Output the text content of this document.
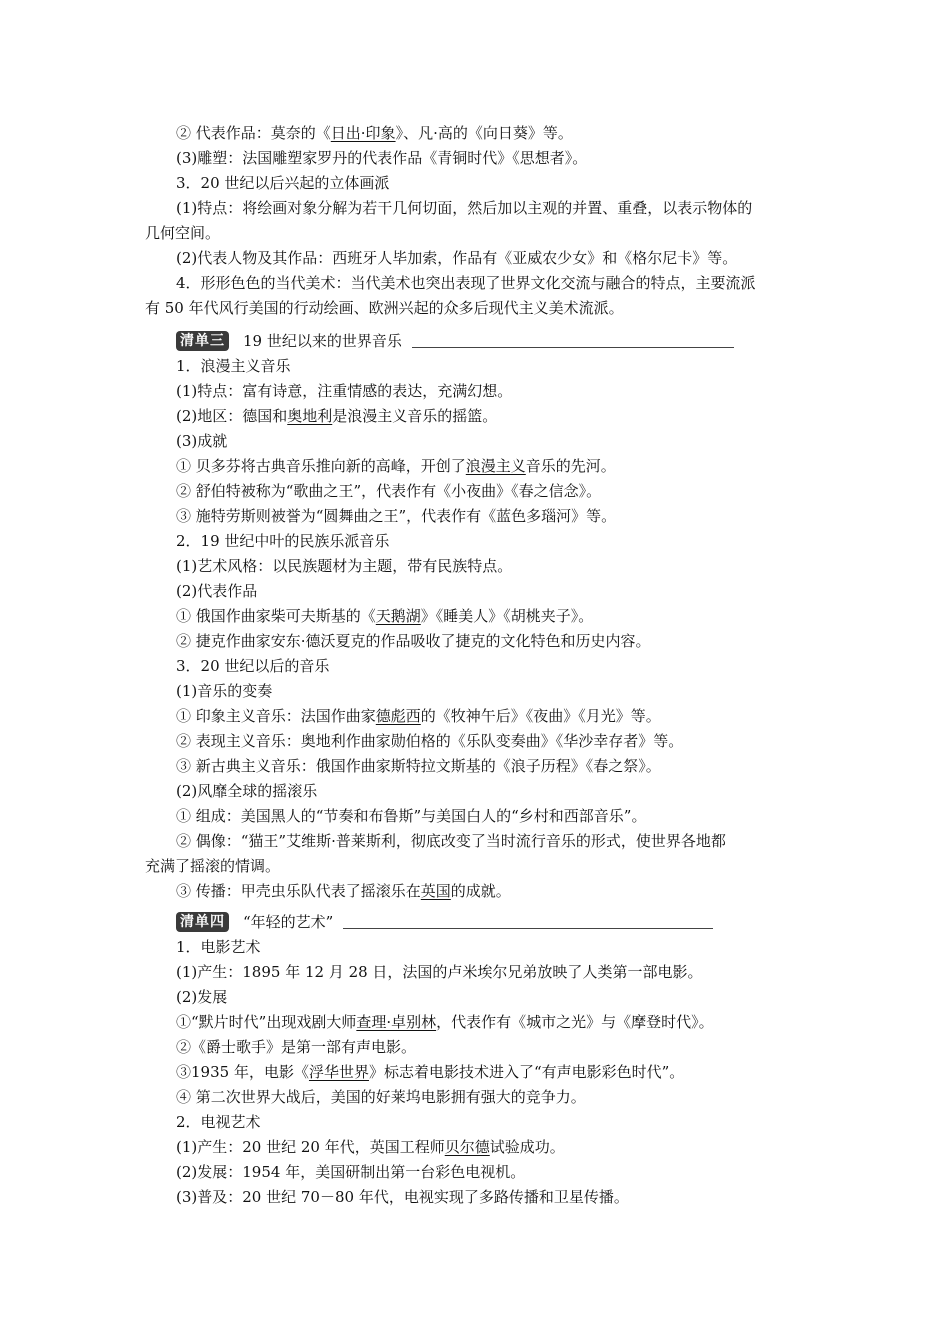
② 代表作品：莫奈的《日出·印象》、凡·高的《向日葵》等。
(3)雕塑：法国雕塑家罗丹的代表作品《青铜时代》《思想者》。
3．20 世纪以后兴起的立体画派
(1)特点：将绘画对象分解为若干几何切面，然后加以主观的并置、重叠，以表示物体的
几何空间。
(2)代表人物及其作品：西班牙人毕加索，作品有《亚威农少女》和《格尔尼卡》等。
4．形形色色的当代美术：当代美术也突出表现了世界文化交流与融合的特点，主要流派
有 50 年代风行美国的行动绘画、欧洲兴起的众多后现代主义美术流派。
清单三 19 世纪以来的世界音乐
1．浪漫主义音乐
(1)特点：富有诗意，注重情感的表达，充满幻想。
(2)地区：德国和奥地利是浪漫主义音乐的摇篮。
(3)成就
① 贝多芬将古典音乐推向新的高峰，开创了浪漫主义音乐的先河。
② 舒伯特被称为“歌曲之王”，代表作有《小夜曲》《春之信念》。
③ 施特劳斯则被誉为“圆舞曲之王”，代表作有《蓝色多瑙河》等。
2．19 世纪中叶的民族乐派音乐
(1)艺术风格：以民族题材为主题，带有民族特点。
(2)代表作品
① 俄国作曲家柴可夫斯基的《天鹅湖》《睡美人》《胡桃夹子》。
② 捷克作曲家安东·德沃夏克的作品吸收了捷克的文化特色和历史内容。
3．20 世纪以后的音乐
(1)音乐的变奏
① 印象主义音乐：法国作曲家德彪西的《牧神午后》《夜曲》《月光》等。
② 表现主义音乐：奥地利作曲家勋伯格的《乐队变奏曲》《华沙幸存者》等。
③ 新古典主义音乐：俄国作曲家斯特拉文斯基的《浪子历程》《春之祭》。
(2)风靡全球的摇滚乐
① 组成：美国黑人的“节奏和布鲁斯”与美国白人的“乡村和西部音乐”。
② 偶像：“猫王”艾维斯·普莱斯利，彻底改变了当时流行音乐的形式，使世界各地都
充满了摇滚的情调。
③ 传播：甲壳虫乐队代表了摇滚乐在英国的成就。
清单四 “年轻的艺术”
1．电影艺术
(1)产生：1895 年 12 月 28 日，法国的卢米埃尔兄弟放映了人类第一部电影。
(2)发展
①“默片时代”出现戏剧大师查理·卓别林，代表作有《城市之光》与《摩登时代》。
②《爵士歌手》是第一部有声电影。
③1935 年，电影《浮华世界》标志着电影技术进入了“有声电影彩色时代”。
④ 第二次世界大战后，美国的好莱坞电影拥有强大的竞争力。
2．电视艺术
(1)产生：20 世纪 20 年代，英国工程师贝尔德试验成功。
(2)发展：1954 年，美国研制出第一台彩色电视机。
(3)普及：20 世纪 70－80 年代，电视实现了多路传播和卫星传播。
